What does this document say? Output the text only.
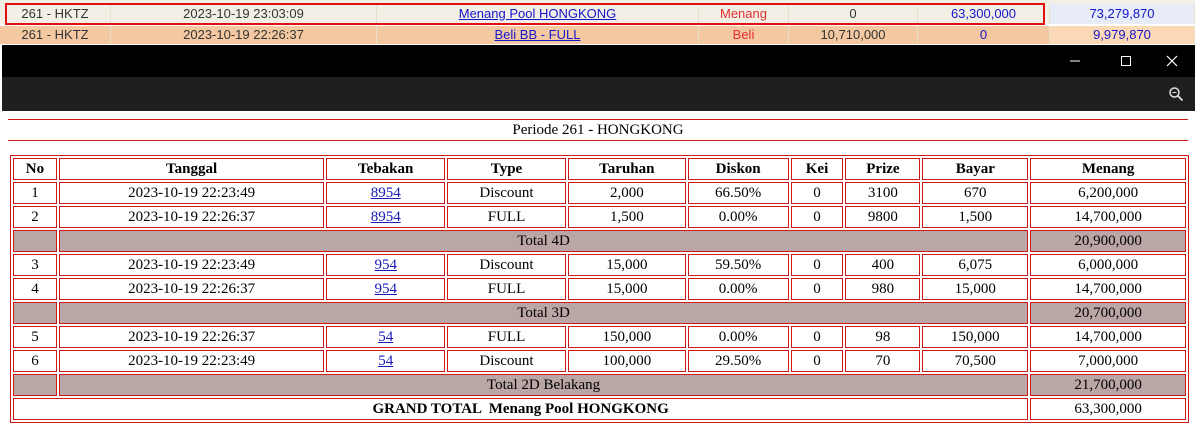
261 - HKTZ	2023-10-19 23:03:09	Menang Pool HONGKONG	Menang	0	63,300,000	73,279,870
261 - HKTZ	2023-10-19 22:26:37	Beli BB - FULL	Beli	10,710,000	0	9,979,870
Periode 261 - HONGKONG
No	Tanggal	Tebakan	Type	Taruhan	Diskon	Kei	Prize	Bayar	Menang
1	2023-10-19 22:23:49	8954	Discount	2,000	66.50%	0	3100	670	6,200,000
2	2023-10-19 22:26:37	8954	FULL	1,500	0.00%	0	9800	1,500	14,700,000
	Total 4D								20,900,000
3	2023-10-19 22:23:49	954	Discount	15,000	59.50%	0	400	6,075	6,000,000
4	2023-10-19 22:26:37	954	FULL	15,000	0.00%	0	980	15,000	14,700,000
	Total 3D								20,700,000
5	2023-10-19 22:26:37	54	FULL	150,000	0.00%	0	98	150,000	14,700,000
6	2023-10-19 22:23:49	54	Discount	100,000	29.50%	0	70	70,500	7,000,000
	Total 2D Belakang								21,700,000
GRAND TOTAL  Menang Pool HONGKONG									63,300,000
